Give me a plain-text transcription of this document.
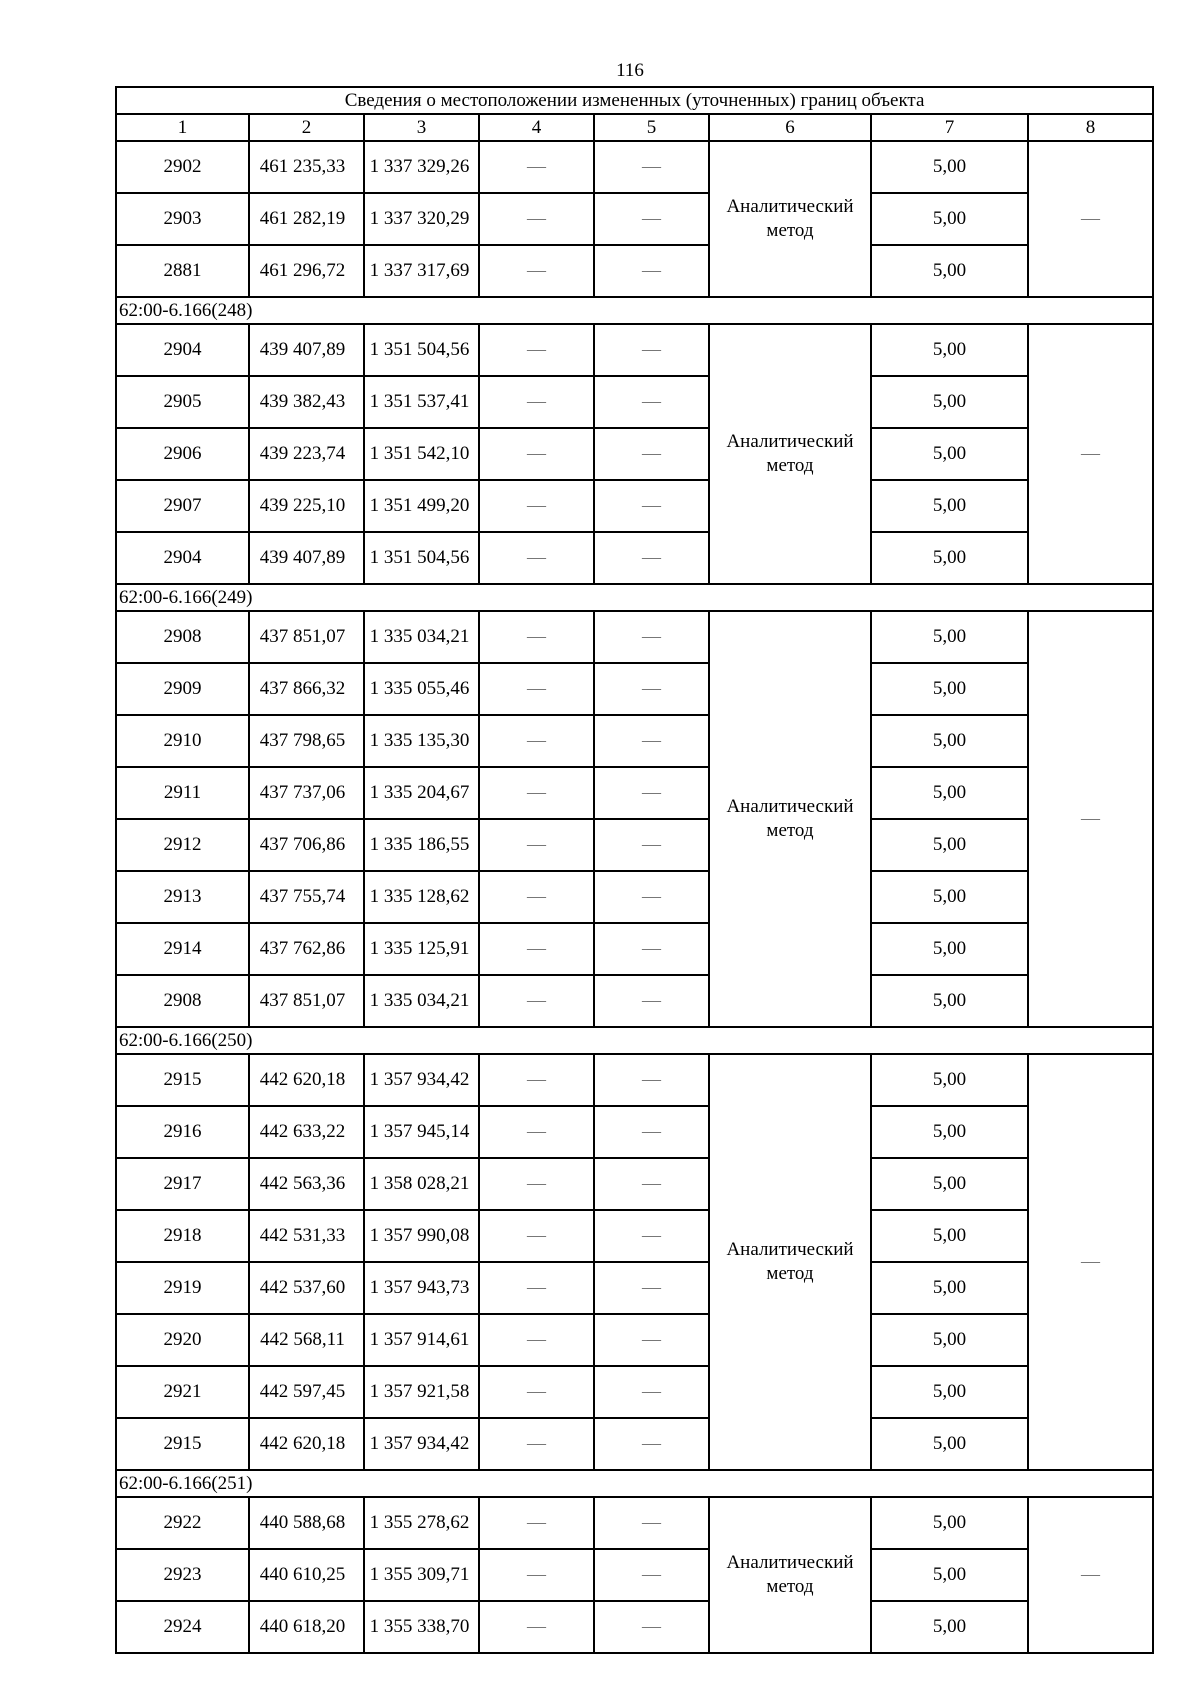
116
Сведения о местоположении измененных (уточненных) границ объекта							
1	2	3	4	5	6	7	8
2902	461 235,33	1 337 329,26	—	—	Аналитический метод	5,00	—
2903	461 282,19	1 337 320,29	—	—		5,00	
2881	461 296,72	1 337 317,69	—	—		5,00	
62:00-6.166(248)							
2904	439 407,89	1 351 504,56	—	—	Аналитический метод	5,00	—
2905	439 382,43	1 351 537,41	—	—		5,00	
2906	439 223,74	1 351 542,10	—	—		5,00	
2907	439 225,10	1 351 499,20	—	—		5,00	
2904	439 407,89	1 351 504,56	—	—		5,00	
62:00-6.166(249)							
2908	437 851,07	1 335 034,21	—	—	Аналитический метод	5,00	—
2909	437 866,32	1 335 055,46	—	—		5,00	
2910	437 798,65	1 335 135,30	—	—		5,00	
2911	437 737,06	1 335 204,67	—	—		5,00	
2912	437 706,86	1 335 186,55	—	—		5,00	
2913	437 755,74	1 335 128,62	—	—		5,00	
2914	437 762,86	1 335 125,91	—	—		5,00	
2908	437 851,07	1 335 034,21	—	—		5,00	
62:00-6.166(250)							
2915	442 620,18	1 357 934,42	—	—	Аналитический метод	5,00	—
2916	442 633,22	1 357 945,14	—	—		5,00	
2917	442 563,36	1 358 028,21	—	—		5,00	
2918	442 531,33	1 357 990,08	—	—		5,00	
2919	442 537,60	1 357 943,73	—	—		5,00	
2920	442 568,11	1 357 914,61	—	—		5,00	
2921	442 597,45	1 357 921,58	—	—		5,00	
2915	442 620,18	1 357 934,42	—	—		5,00	
62:00-6.166(251)							
2922	440 588,68	1 355 278,62	—	—	Аналитический метод	5,00	—
2923	440 610,25	1 355 309,71	—	—		5,00	
2924	440 618,20	1 355 338,70	—	—		5,00	
